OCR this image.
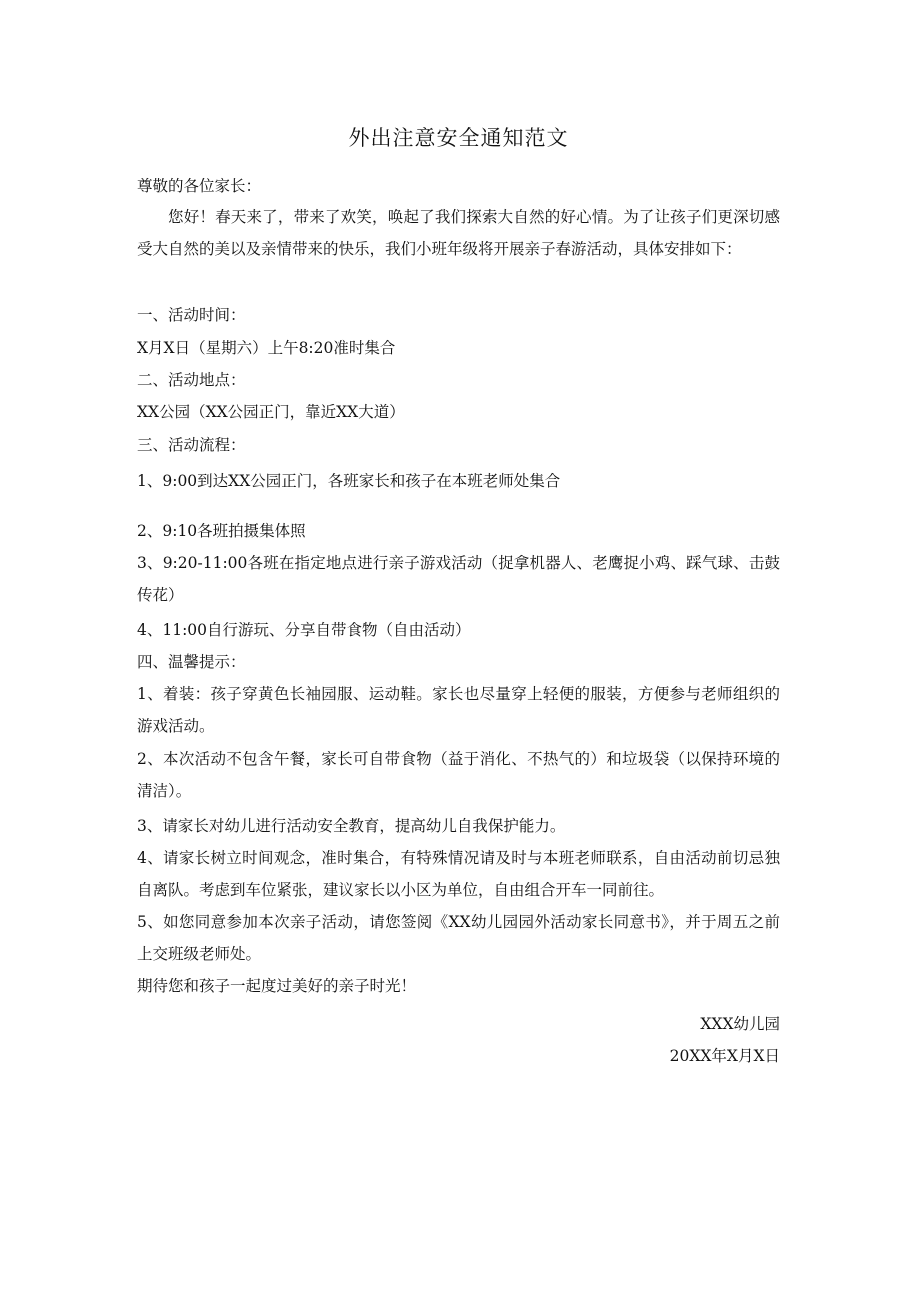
外出注意安全通知范文
尊敬的各位家长：
您好！春天来了，带来了欢笑，唤起了我们探索大自然的好心情。为了让孩子们更深切感受大自然的美以及亲情带来的快乐，我们小班年级将开展亲子春游活动，具体安排如下：
一、活动时间：
X月X日（星期六）上午8:20准时集合
二、活动地点：
XX公园（XX公园正门，靠近XX大道）
三、活动流程：
1、9:00到达XX公园正门，各班家长和孩子在本班老师处集合
2、9:10各班拍摄集体照
3、9:20-11:00各班在指定地点进行亲子游戏活动（捉拿机器人、老鹰捉小鸡、踩气球、击鼓传花）
4、11:00自行游玩、分享自带食物（自由活动）
四、温馨提示：
1、着装：孩子穿黄色长袖园服、运动鞋。家长也尽量穿上轻便的服装，方便参与老师组织的游戏活动。
2、本次活动不包含午餐，家长可自带食物（益于消化、不热气的）和垃圾袋（以保持环境的清洁）。
3、请家长对幼儿进行活动安全教育，提高幼儿自我保护能力。
4、请家长树立时间观念，准时集合，有特殊情况请及时与本班老师联系，自由活动前切忌独自离队。考虑到车位紧张，建议家长以小区为单位，自由组合开车一同前往。
5、如您同意参加本次亲子活动，请您签阅《XX幼儿园园外活动家长同意书》，并于周五之前上交班级老师处。
期待您和孩子一起度过美好的亲子时光！
XXX幼儿园
20XX年X月X日
